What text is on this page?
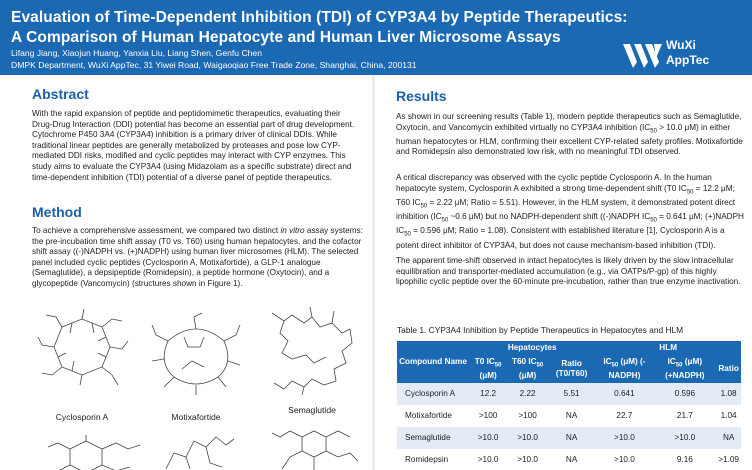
Evaluation of Time-Dependent Inhibition (TDI) of CYP3A4 by Peptide Therapeutics:
A Comparison of Human Hepatocyte and Human Liver Microsome Assays
Lifang Jiang, Xiaojun Huang, Yanxia Liu, Liang Shen, Genfu Chen
DMPK Department, WuXi AppTec, 31 Yiwei Road, Waigaoqiao Free Trade Zone, Shanghai, China, 200131
WuXi
AppTec
Abstract

With the rapid expansion of peptide and peptidomimetic therapeutics, evaluating their Drug-Drug Interaction (DDI) potential has become an essential part of drug development. Cytochrome P450 3A4 (CYP3A4) inhibition is a primary driver of clinical DDIs. While traditional linear peptides are generally metabolized by proteases and pose low CYP-mediated DDI risks, modified and cyclic peptides may interact with CYP enzymes. This study aims to evaluate the CYP3A4 (using Midazolam as a specific substrate) direct and time-dependent inhibition (TDI) potential of a diverse panel of peptide therapeutics.

Method

To achieve a comprehensive assessment, we compared two distinct in vitro assay systems: the pre-incubation time shift assay (T0 vs. T60) using human hepatocytes, and the cofactor shift assay ((-)NADPH vs. (+)NADPH) using human liver microsomes (HLM). The selected panel included cyclic peptides (Cyclosporin A, Motixafortide), a GLP-1 analogue (Semaglutide), a depsipeptide (Romidepsin), a peptide hormone (Oxytocin), and a glycopeptide (Vancomycin) (structures shown in Figure 1).

Cyclosporin A	Motixafortide
Semaglutide
Results

As shown in our screening results (Table 1), modern peptide therapeutics such as Semaglutide, Oxytocin, and Vancomycin exhibited virtually no CYP3A4 inhibition ($IC_{50} > 10.0$ μM) in either human hepatocytes or HLM, confirming their excellent CYP-related safety profiles. Motixafortide and Romidepsin also demonstrated low risk, with no meaningful TDI observed.

A critical discrepancy was observed with the cyclic peptide Cyclosporin A. In the human hepatocyte system, Cyclosporin A exhibited a strong time-dependent shift (T0 $IC_{50} = 12.2$ μM; T60 $IC_{50} = 2.22$ μM; Ratio = 5.51). However, in the HLM system, it demonstrated potent direct inhibition ($IC_{50}$ ~0.6 μM) but no NADPH-dependent shift ((-)NADPH $IC_{50} = 0.641$ μM; (+)NADPH $IC_{50} = 0.596$ μM; Ratio = 1.08). Consistent with established literature [1], Cyclosporin A is a potent direct inhibitor of CYP3A4, but does not cause mechanism-based inhibition (TDI).

The apparent time-shift observed in intact hepatocytes is likely driven by the slow intracellular equilibration and transporter-mediated accumulation (e.g., via OATPs/P-gp) of this highly lipophilic cyclic peptide over the 60-minute pre-incubation, rather than true enzyme inactivation.

Table 1. CYP3A4 Inhibition by Peptide Therapeutics in Hepatocytes and HLM
Compound Name	Hepatocytes			HLM		
	T0 $IC_{50}$ (μM)	T60 $IC_{50}$ (μM)	Ratio (T0/T60)	$IC_{50}$ (μM) (-NADPH)	$IC_{50}$ (μM) (+NADPH)	Ratio
Cyclosporin A	12.2	2.22	5.51	0.641	0.596	1.08
Motixafortide	>100	>100	NA	22.7	21.7	1.04
Semaglutide	>10.0	>10.0	NA	>10.0	>10.0	NA
Romidepsin	>10.0	>10.0	NA	>10.0	9.16	>1.09
